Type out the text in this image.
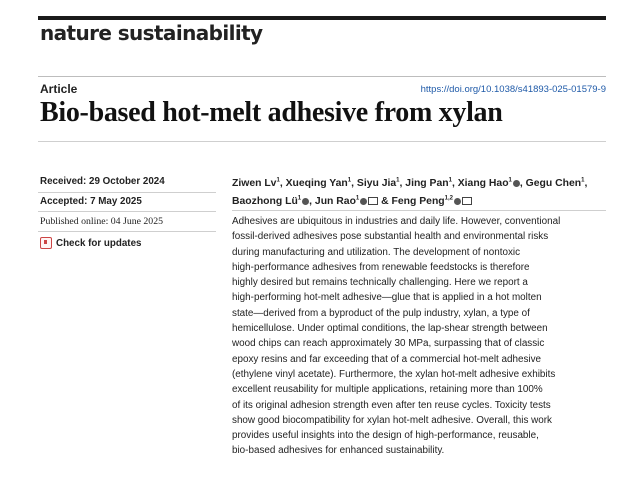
nature sustainability
Article	https://doi.org/10.1038/s41893-025-01579-9
Bio-based hot-melt adhesive from xylan
Received: 29 October 2024
Accepted: 7 May 2025
Published online: 04 June 2025
Check for updates
Ziwen Lv$^1$, Xueqing Yan$^1$, Siyu Jia$^1$, Jing Pan$^1$, Xiang Hao$^1$ , Gegu Chen$^1$,
Baozhong $Lü^1$ , Jun Rao$^1$ & Feng Peng$^{1,2}$
Adhesives are ubiquitous in industries and daily life. However, conventional
fossil-derived adhesives pose substantial health and environmental risks
during manufacturing and utilization. The development of nontoxic
high-performance adhesives from renewable feedstocks is therefore
highly desired but remains technically challenging. Here we report a
high-performing hot-melt adhesive—glue that is applied in a hot molten
state—derived from a byproduct of the pulp industry, xylan, a type of
hemicellulose. Under optimal conditions, the lap-shear strength between
wood chips can reach approximately 30 MPa, surpassing that of classic
epoxy resins and far exceeding that of a commercial hot-melt adhesive
(ethylene vinyl acetate). Furthermore, the xylan hot-melt adhesive exhibits
excellent reusability for multiple applications, retaining more than 100%
of its original adhesion strength even after ten reuse cycles. Toxicity tests
show good biocompatibility for xylan hot-melt adhesive. Overall, this work
provides useful insights into the design of high-performance, reusable,
bio-based adhesives for enhanced sustainability.
